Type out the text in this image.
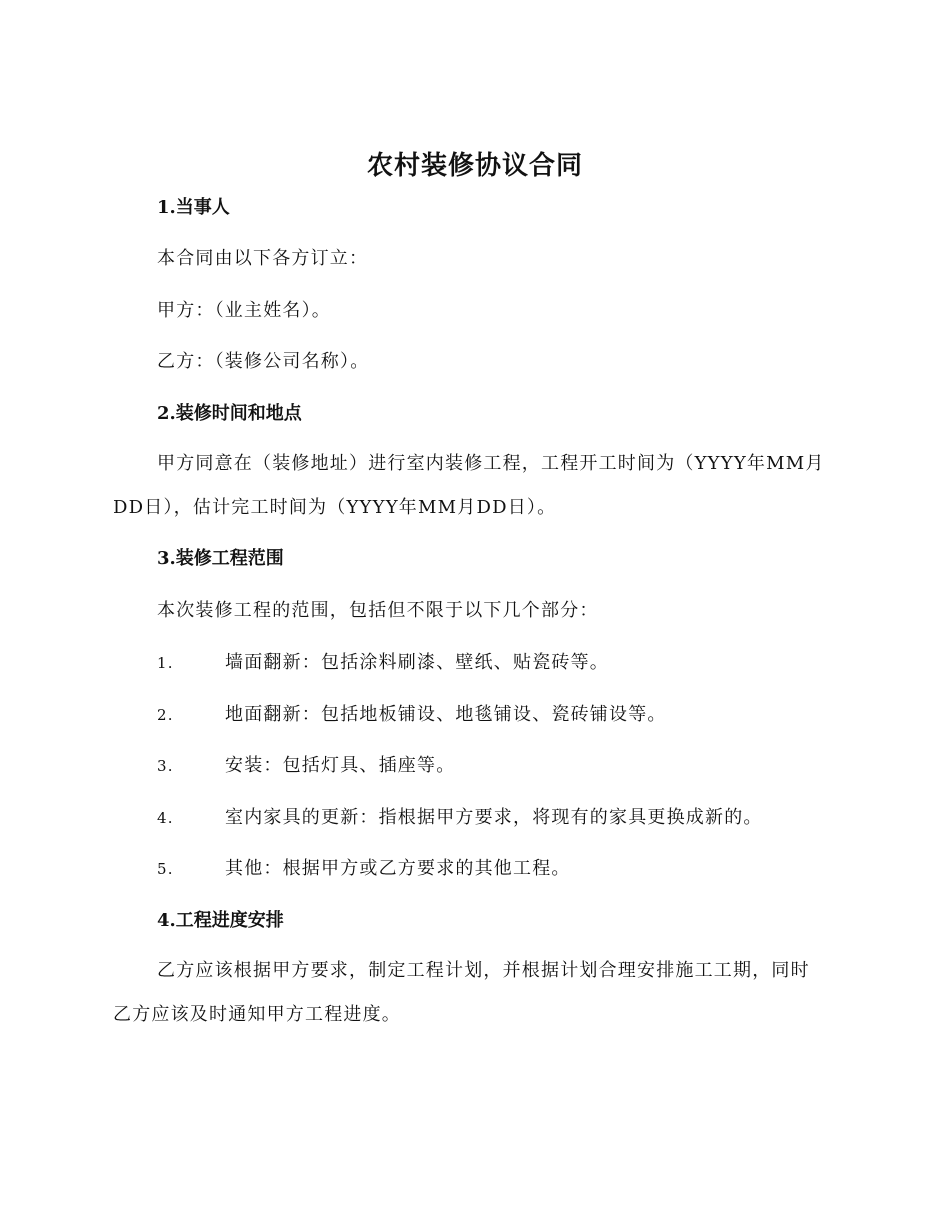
农村装修协议合同

1.当事人

本合同由以下各方订立：

甲方：（业主姓名）。

乙方：（装修公司名称）。

2.装修时间和地点

甲方同意在（装修地址）进行室内装修工程，工程开工时间为（YYYY年MM月DD日），估计完工时间为（YYYY年MM月DD日）。

3.装修工程范围

本次装修工程的范围，包括但不限于以下几个部分：

1.	墙面翻新：包括涂料刷漆、壁纸、贴瓷砖等。
2.	地面翻新：包括地板铺设、地毯铺设、瓷砖铺设等。
3.	安装：包括灯具、插座等。
4.	室内家具的更新：指根据甲方要求，将现有的家具更换成新的。
5.	其他：根据甲方或乙方要求的其他工程。

4.工程进度安排

乙方应该根据甲方要求，制定工程计划，并根据计划合理安排施工工期，同时乙方应该及时通知甲方工程进度。
